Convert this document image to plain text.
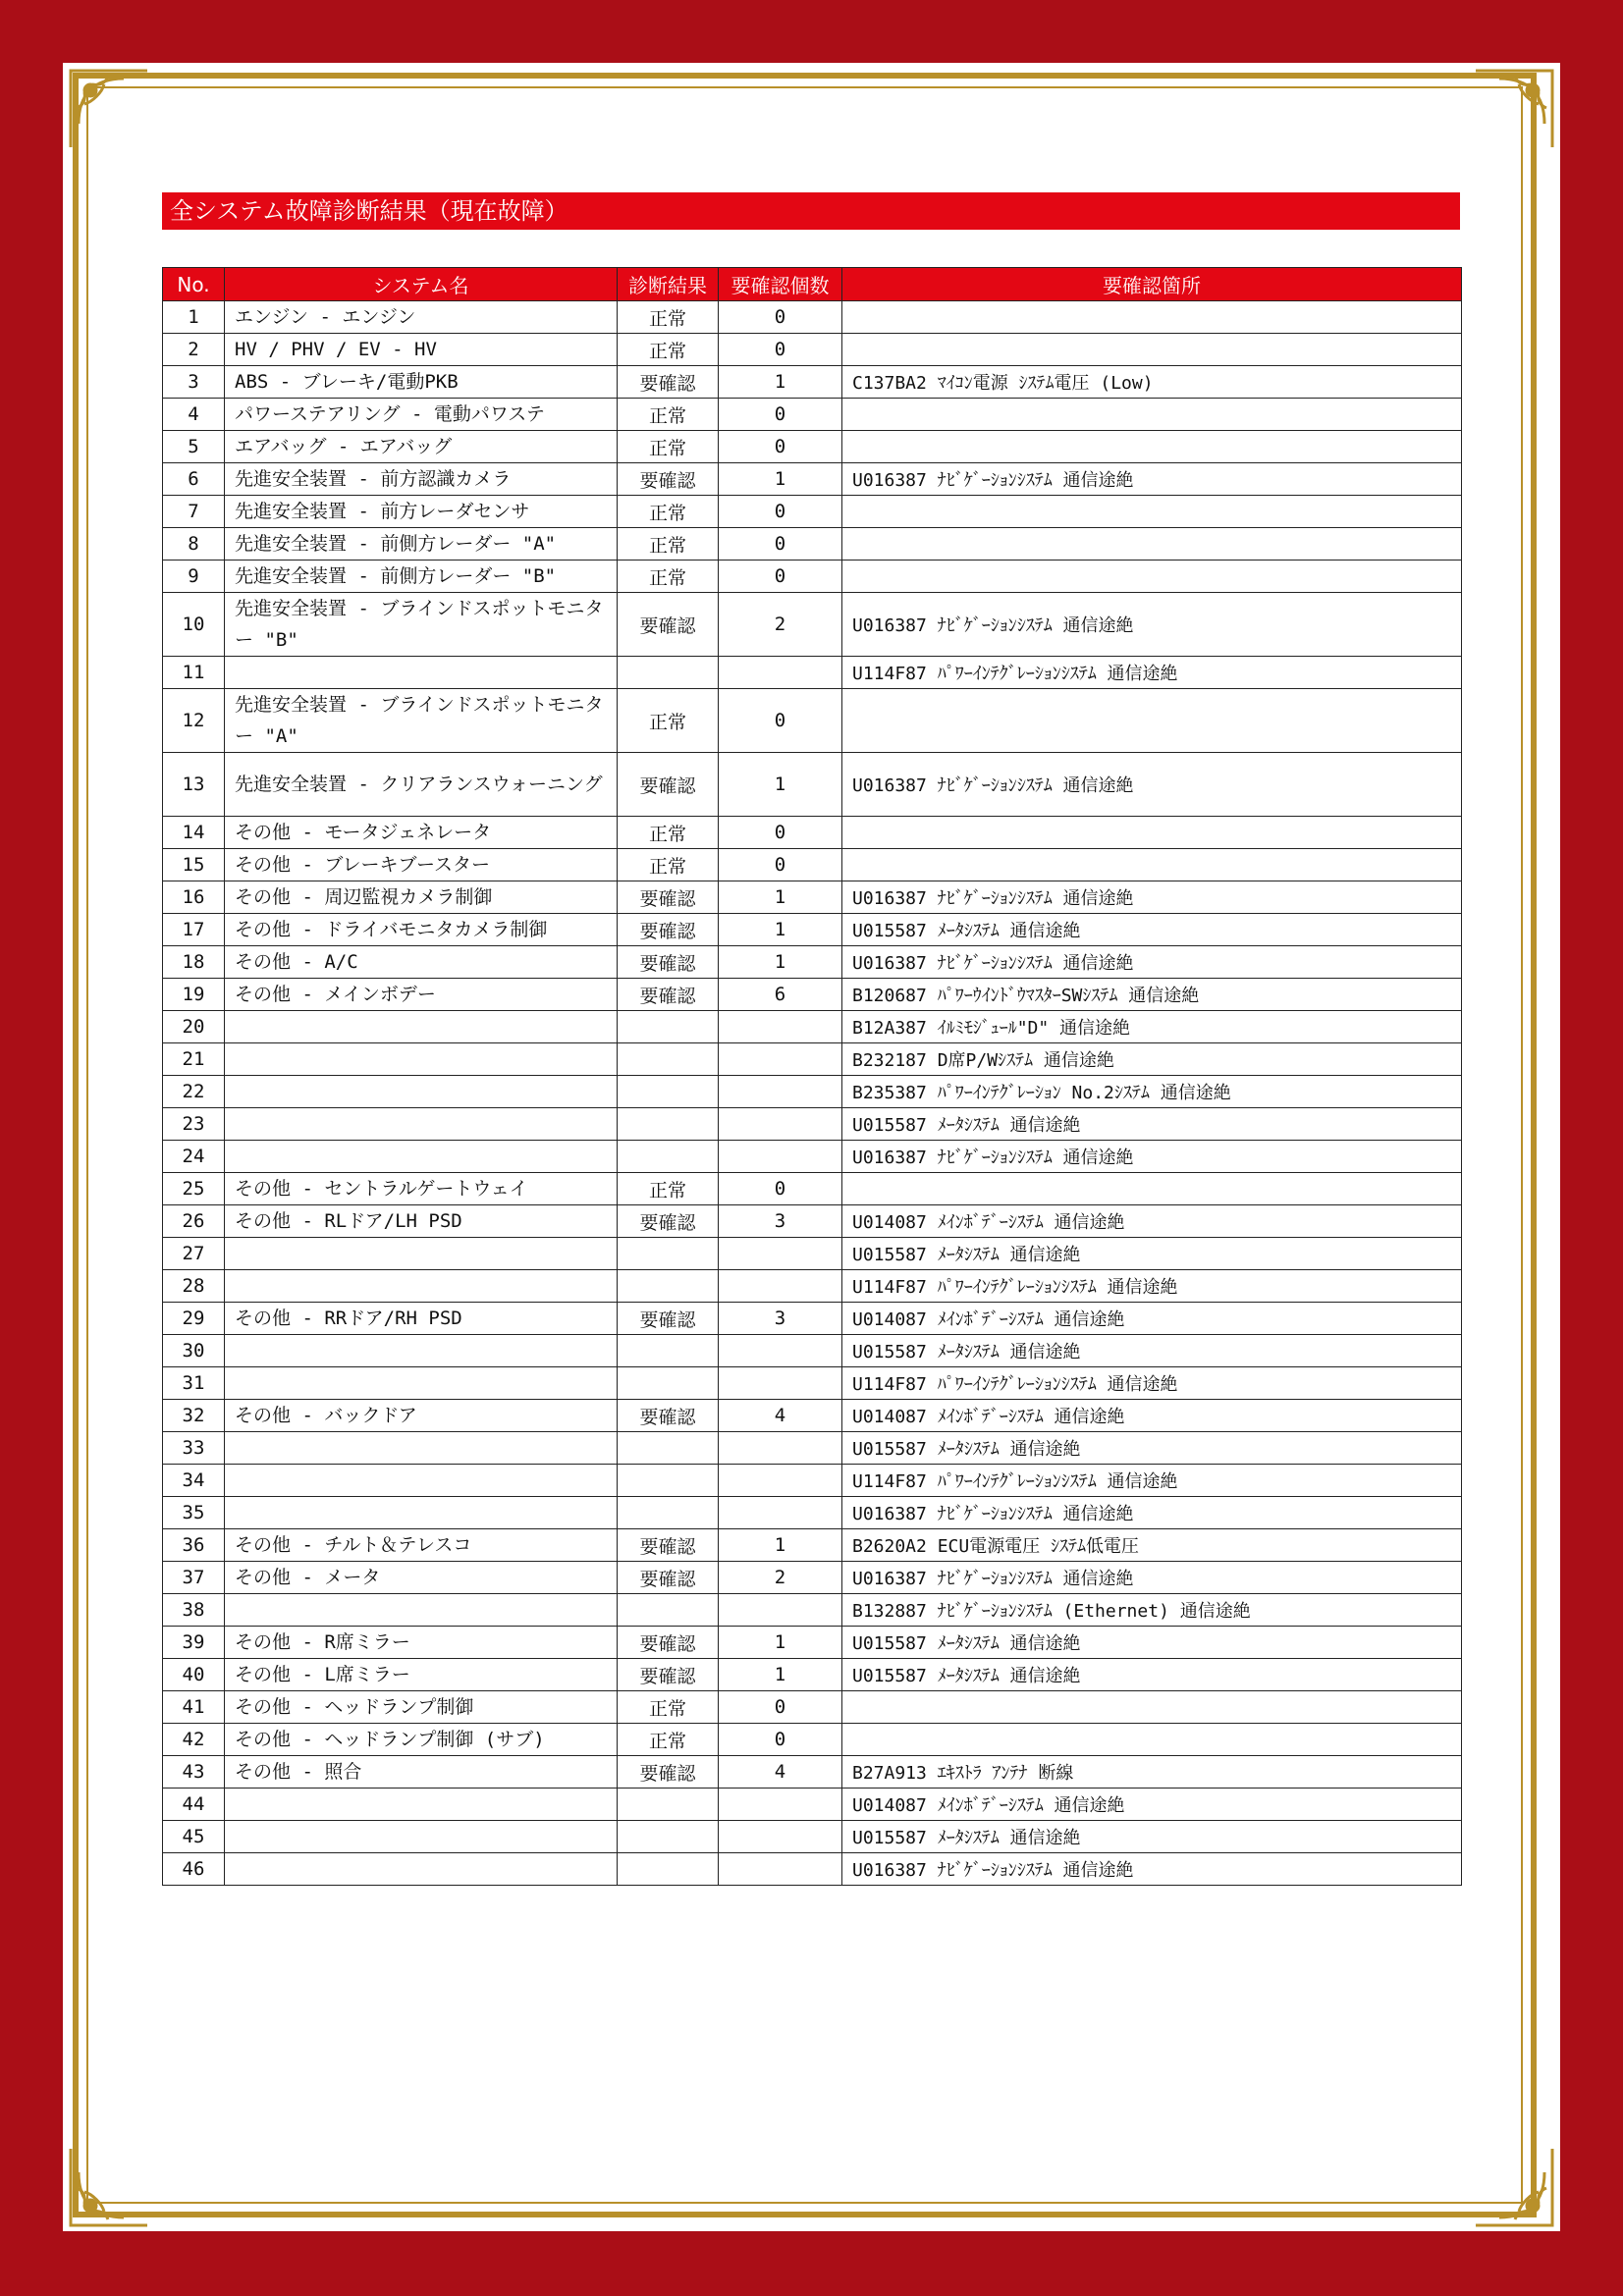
全システム故障診断結果（現在故障）
No.	システム名	診断結果	要確認個数	要確認箇所
1	エンジン - エンジン	正常	0	
2	HV / PHV / EV - HV	正常	0	
3	ABS - ブレーキ/電動PKB	要確認	1	C137BA2 ﾏｲｺﾝ電源 ｼｽﾃﾑ電圧 (Low)
4	パワーステアリング - 電動パワステ	正常	0	
5	エアバッグ - エアバッグ	正常	0	
6	先進安全装置 - 前方認識カメラ	要確認	1	U016387 ﾅﾋﾞｹﾞｰｼｮﾝｼｽﾃﾑ 通信途絶
7	先進安全装置 - 前方レーダセンサ	正常	0	
8	先進安全装置 - 前側方レーダー "A"	正常	0	
9	先進安全装置 - 前側方レーダー "B"	正常	0	
10	先進安全装置 - ブラインドスポットモニター "B"	要確認	2	U016387 ﾅﾋﾞｹﾞｰｼｮﾝｼｽﾃﾑ 通信途絶
11				U114F87 ﾊﾟﾜｰｲﾝﾃｸﾞﾚｰｼｮﾝｼｽﾃﾑ 通信途絶
12	先進安全装置 - ブラインドスポットモニター "A"	正常	0	
13	先進安全装置 - クリアランスウォーニング	要確認	1	U016387 ﾅﾋﾞｹﾞｰｼｮﾝｼｽﾃﾑ 通信途絶
14	その他 - モータジェネレータ	正常	0	
15	その他 - ブレーキブースター	正常	0	
16	その他 - 周辺監視カメラ制御	要確認	1	U016387 ﾅﾋﾞｹﾞｰｼｮﾝｼｽﾃﾑ 通信途絶
17	その他 - ドライバモニタカメラ制御	要確認	1	U015587 ﾒｰﾀｼｽﾃﾑ 通信途絶
18	その他 - A/C	要確認	1	U016387 ﾅﾋﾞｹﾞｰｼｮﾝｼｽﾃﾑ 通信途絶
19	その他 - メインボデー	要確認	6	B120687 ﾊﾟﾜｰｳｲﾝﾄﾞｳﾏｽﾀｰSWｼｽﾃﾑ 通信途絶
20				B12A387 ｲﾙﾐﾓｼﾞｭｰﾙ"D" 通信途絶
21				B232187 D席P/Wｼｽﾃﾑ 通信途絶
22				B235387 ﾊﾟﾜｰｲﾝﾃｸﾞﾚｰｼｮﾝ No.2ｼｽﾃﾑ 通信途絶
23				U015587 ﾒｰﾀｼｽﾃﾑ 通信途絶
24				U016387 ﾅﾋﾞｹﾞｰｼｮﾝｼｽﾃﾑ 通信途絶
25	その他 - セントラルゲートウェイ	正常	0	
26	その他 - RLドア/LH PSD	要確認	3	U014087 ﾒｲﾝﾎﾞﾃﾞｰｼｽﾃﾑ 通信途絶
27				U015587 ﾒｰﾀｼｽﾃﾑ 通信途絶
28				U114F87 ﾊﾟﾜｰｲﾝﾃｸﾞﾚｰｼｮﾝｼｽﾃﾑ 通信途絶
29	その他 - RRドア/RH PSD	要確認	3	U014087 ﾒｲﾝﾎﾞﾃﾞｰｼｽﾃﾑ 通信途絶
30				U015587 ﾒｰﾀｼｽﾃﾑ 通信途絶
31				U114F87 ﾊﾟﾜｰｲﾝﾃｸﾞﾚｰｼｮﾝｼｽﾃﾑ 通信途絶
32	その他 - バックドア	要確認	4	U014087 ﾒｲﾝﾎﾞﾃﾞｰｼｽﾃﾑ 通信途絶
33				U015587 ﾒｰﾀｼｽﾃﾑ 通信途絶
34				U114F87 ﾊﾟﾜｰｲﾝﾃｸﾞﾚｰｼｮﾝｼｽﾃﾑ 通信途絶
35				U016387 ﾅﾋﾞｹﾞｰｼｮﾝｼｽﾃﾑ 通信途絶
36	その他 - チルト＆テレスコ	要確認	1	B2620A2 ECU電源電圧 ｼｽﾃﾑ低電圧
37	その他 - メータ	要確認	2	U016387 ﾅﾋﾞｹﾞｰｼｮﾝｼｽﾃﾑ 通信途絶
38				B132887 ﾅﾋﾞｹﾞｰｼｮﾝｼｽﾃﾑ (Ethernet) 通信途絶
39	その他 - R席ミラー	要確認	1	U015587 ﾒｰﾀｼｽﾃﾑ 通信途絶
40	その他 - L席ミラー	要確認	1	U015587 ﾒｰﾀｼｽﾃﾑ 通信途絶
41	その他 - ヘッドランプ制御	正常	0	
42	その他 - ヘッドランプ制御 (サブ)	正常	0	
43	その他 - 照合	要確認	4	B27A913 ｴｷｽﾄﾗ ｱﾝﾃﾅ 断線
44				U014087 ﾒｲﾝﾎﾞﾃﾞｰｼｽﾃﾑ 通信途絶
45				U015587 ﾒｰﾀｼｽﾃﾑ 通信途絶
46				U016387 ﾅﾋﾞｹﾞｰｼｮﾝｼｽﾃﾑ 通信途絶
